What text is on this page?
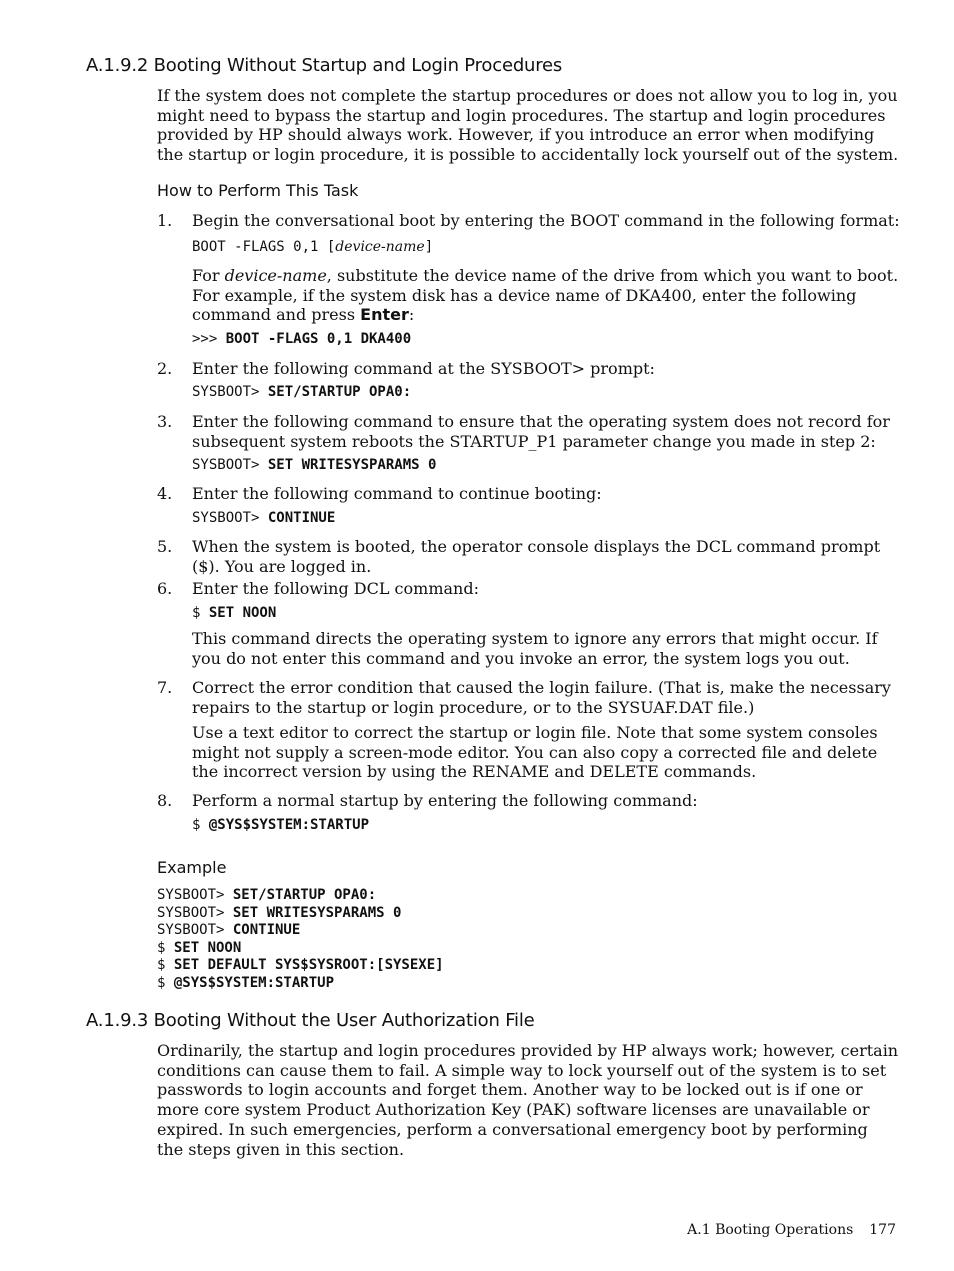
A.1.9.2 Booting Without Startup and Login Procedures

If the system does not complete the startup procedures or does not allow you to log in, you might need to bypass the startup and login procedures. The startup and login procedures provided by HP should always work. However, if you introduce an error when modifying the startup or login procedure, it is possible to accidentally lock yourself out of the system.

How to Perform This Task
1. Begin the conversational boot by entering the BOOT command in the following format:

BOOT -FLAGS 0,1 [device-name]

For device-name, substitute the device name of the drive from which you want to boot. For example, if the system disk has a device name of DKA400, enter the following command and press Enter:

>>> BOOT -FLAGS 0,1 DKA400
2. Enter the following command at the SYSBOOT> prompt:

SYSBOOT> SET/STARTUP OPA0:
3. Enter the following command to ensure that the operating system does not record for subsequent system reboots the STARTUP_P1 parameter change you made in step 2:

SYSBOOT> SET WRITESYSPARAMS 0
4. Enter the following command to continue booting:

SYSBOOT> CONTINUE
5. When the system is booted, the operator console displays the DCL command prompt ($). You are logged in.

6. Enter the following DCL command:

$ SET NOON

This command directs the operating system to ignore any errors that might occur. If you do not enter this command and you invoke an error, the system logs you out.

7. Correct the error condition that caused the login failure. (That is, make the necessary repairs to the startup or login procedure, or to the SYSUAF.DAT file.)

Use a text editor to correct the startup or login file. Note that some system consoles might not supply a screen-mode editor. You can also copy a corrected file and delete the incorrect version by using the RENAME and DELETE commands.

8. Perform a normal startup by entering the following command:

$ @SYS$SYSTEM:STARTUP
Example
SYSBOOT> SET/STARTUP OPA0:
SYSBOOT> SET WRITESYSPARAMS 0
SYSBOOT> CONTINUE
$ SET NOON
$ SET DEFAULT SYS$SYSROOT:[SYSEXE]
$ @SYS$SYSTEM:STARTUP
A.1.9.3 Booting Without the User Authorization File

Ordinarily, the startup and login procedures provided by HP always work; however, certain conditions can cause them to fail. A simple way to lock yourself out of the system is to set passwords to login accounts and forget them. Another way to be locked out is if one or more core system Product Authorization Key (PAK) software licenses are unavailable or expired. In such emergencies, perform a conversational emergency boot by performing the steps given in this section.

A.1 Booting Operations 177
